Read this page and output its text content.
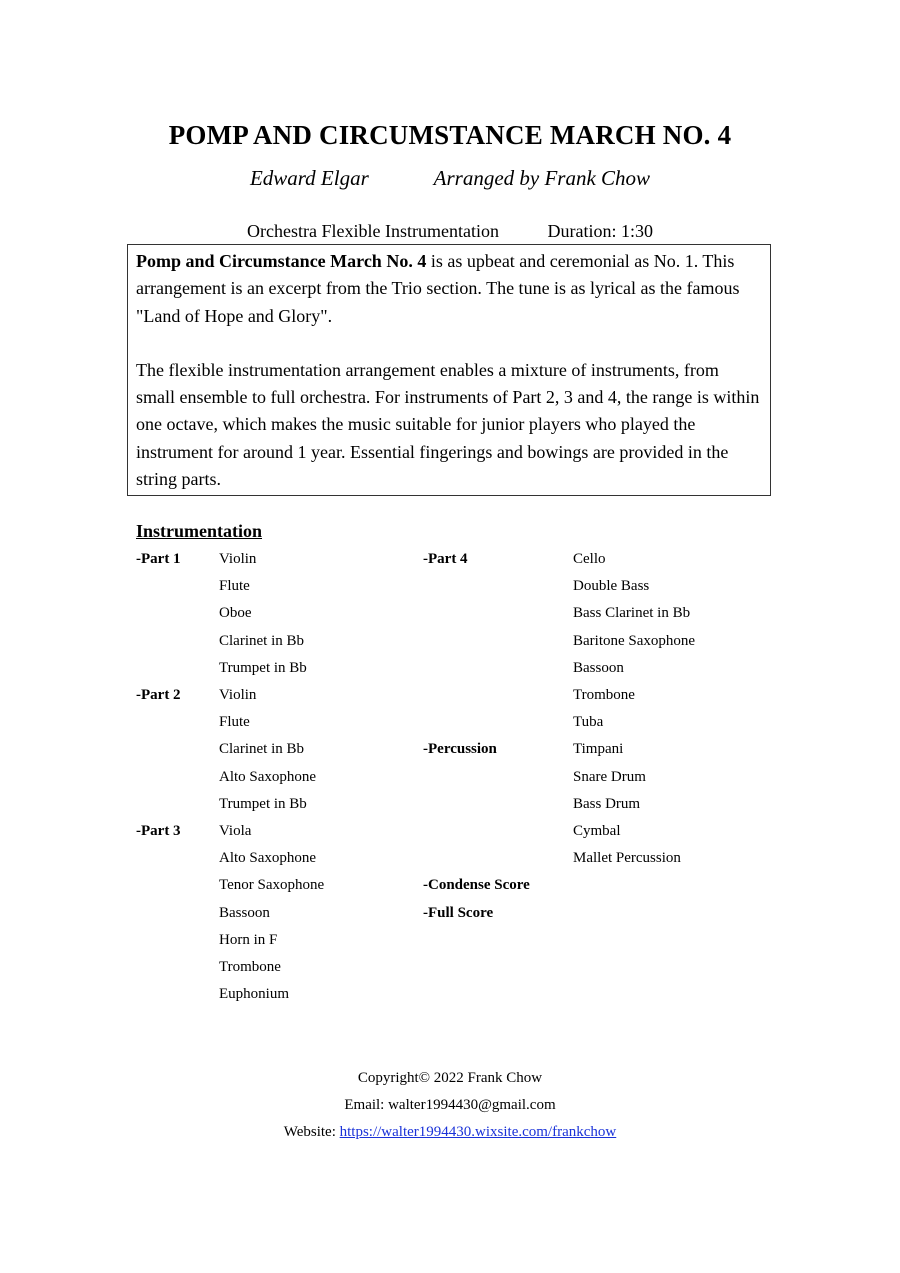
POMP AND CIRCUMSTANCE MARCH NO. 4
Edward Elgar	Arranged by Frank Chow
Orchestra Flexible Instrumentation	Duration: 1:30

Pomp and Circumstance March No. 4 is as upbeat and ceremonial as No. 1. This arrangement is an excerpt from the Trio section. The tune is as lyrical as the famous "Land of Hope and Glory".

The flexible instrumentation arrangement enables a mixture of instruments, from small ensemble to full orchestra. For instruments of Part 2, 3 and 4, the range is within one octave, which makes the music suitable for junior players who played the instrument for around 1 year. Essential fingerings and bowings are provided in the string parts.

Instrumentation
-Part 1	Violin
Flute
Oboe
Clarinet in Bb
Trumpet in Bb
-Part 2	Violin
Flute
Clarinet in Bb
Alto Saxophone
Trumpet in Bb
-Part 3	Viola
Alto Saxophone
Tenor Saxophone
Bassoon
Horn in F
Trombone
Euphonium
-Part 4	Cello
Double Bass
Bass Clarinet in Bb
Baritone Saxophone
Bassoon
Trombone
Tuba
-Percussion	Timpani
Snare Drum
Bass Drum
Cymbal
Mallet Percussion
-Condense Score
-Full Score
Copyright© 2022 Frank Chow
Email: walter1994430@gmail.com
Website: https://walter1994430.wixsite.com/frankchow
